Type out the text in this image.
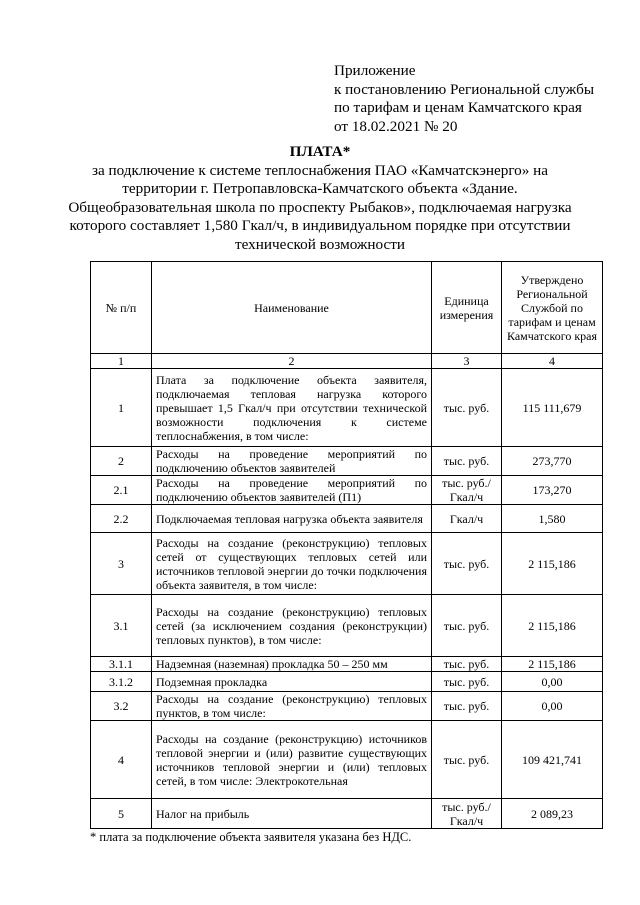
Приложение
к постановлению Региональной службы
по тарифам и ценам Камчатского края
от 18.02.2021 № 20
ПЛАТА*
за подключение к системе теплоснабжения ПАО «Камчатскэнерго» на
территории г. Петропавловска-Камчатского объекта «Здание.
Общеобразовательная школа по проспекту Рыбаков», подключаемая нагрузка
которого составляет 1,580 Гкал/ч, в индивидуальном порядке при отсутствии
технической возможности
№ п/п	Наименование	Единица измерения	Утверждено Региональной Службой по тарифам и ценам Камчатского края
1	2	3	4
1	Плата за подключение объекта заявителя, подключаемая тепловая нагрузка которого превышает 1,5 Гкал/ч при отсутствии технической возможности подключения к системе теплоснабжения, в том числе:	тыс. руб.	115 111,679
2	Расходы на проведение мероприятий по подключению объектов заявителей	тыс. руб.	273,770
2.1	Расходы на проведение мероприятий по подключению объектов заявителей (П1)	тыс. руб./ Гкал/ч	173,270
2.2	Подключаемая тепловая нагрузка объекта заявителя	Гкал/ч	1,580
3	Расходы на создание (реконструкцию) тепловых сетей от существующих тепловых сетей или источников тепловой энергии до точки подключения объекта заявителя, в том числе:	тыс. руб.	2 115,186
3.1	Расходы на создание (реконструкцию) тепловых сетей (за исключением создания (реконструкции) тепловых пунктов), в том числе:	тыс. руб.	2 115,186
3.1.1	Надземная (наземная) прокладка 50 – 250 мм	тыс. руб.	2 115,186
3.1.2	Подземная прокладка	тыс. руб.	0,00
3.2	Расходы на создание (реконструкцию) тепловых пунктов, в том числе:	тыс. руб.	0,00
4	Расходы на создание (реконструкцию) источников тепловой энергии и (или) развитие существующих источников тепловой энергии и (или) тепловых сетей, в том числе: Электрокотельная	тыс. руб.	109 421,741
5	Налог на прибыль	тыс. руб./ Гкал/ч	2 089,23
* плата за подключение объекта заявителя указана без НДС.
